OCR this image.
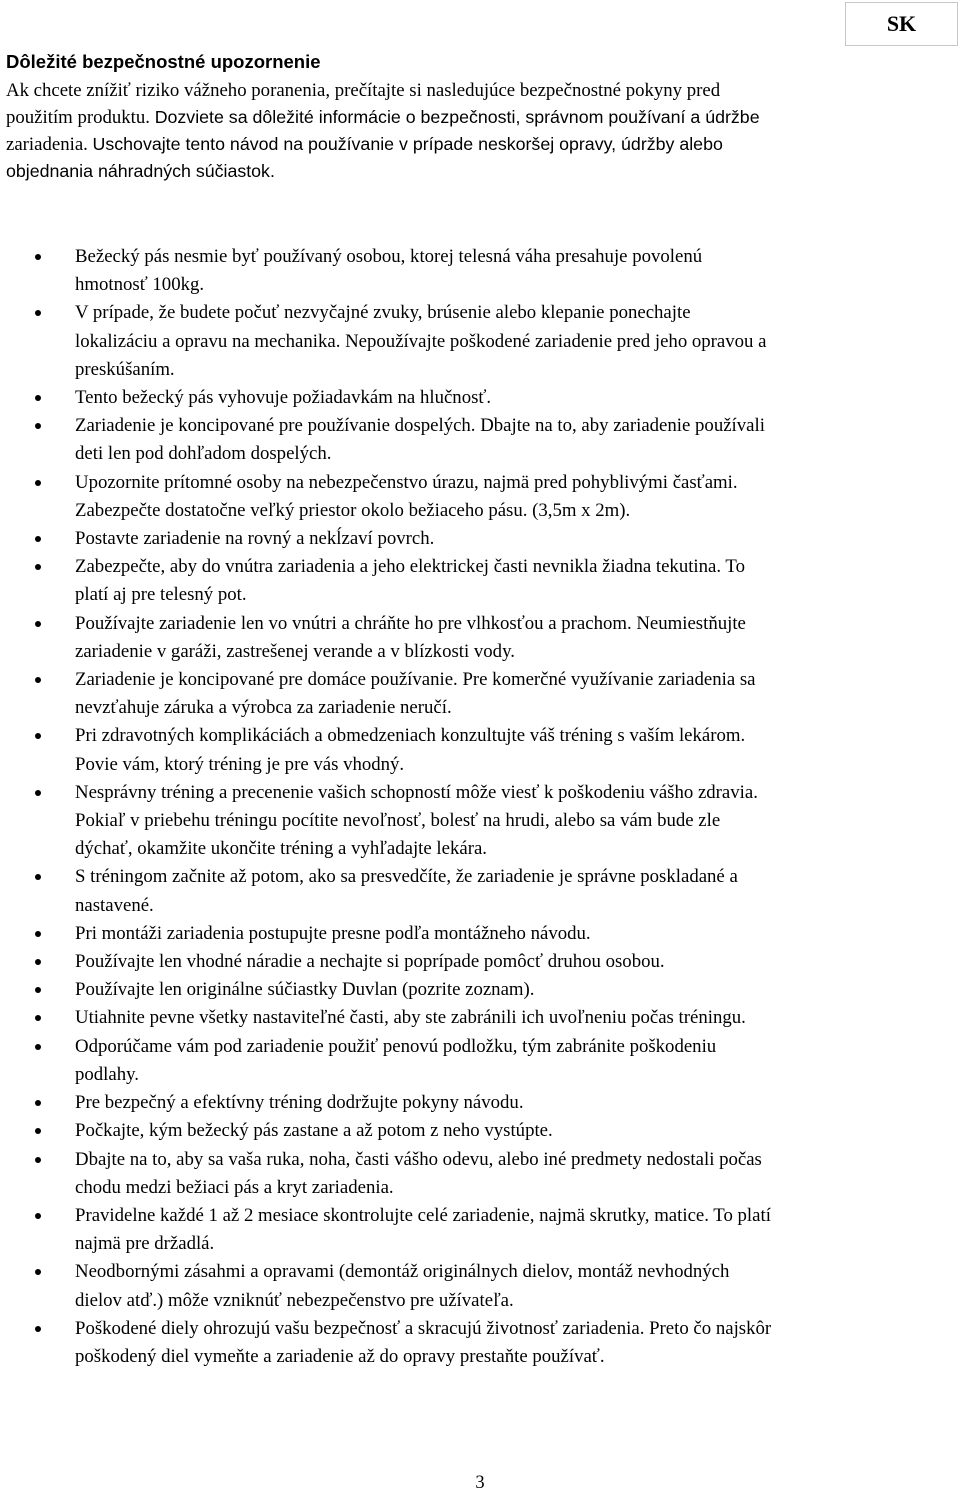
SK
Dôležité bezpečnostné upozornenie
Ak chcete znížiť riziko vážneho poranenia, prečítajte si nasledujúce bezpečnostné pokyny pred
použitím produktu. Dozviete sa dôležité informácie o bezpečnosti, správnom používaní a údržbe
zariadenia. Uschovajte tento návod na používanie v prípade neskoršej opravy, údržby alebo
objednania náhradných súčiastok.
Bežecký pás nesmie byť používaný osobou, ktorej telesná váha presahuje povolenú
hmotnosť 100kg.
V prípade, že budete počuť nezvyčajné zvuky, brúsenie alebo klepanie ponechajte
lokalizáciu a opravu na mechanika. Nepoužívajte poškodené zariadenie pred jeho opravou a
preskúšaním.
Tento bežecký pás vyhovuje požiadavkám na hlučnosť.
Zariadenie je koncipované pre používanie dospelých. Dbajte na to, aby zariadenie používali
deti len pod dohľadom dospelých.
Upozornite prítomné osoby na nebezpečenstvo úrazu, najmä pred pohyblivými časťami.
Zabezpečte dostatočne veľký priestor okolo bežiaceho pásu. (3,5m x 2m).
Postavte zariadenie na rovný a nekĺzaví povrch.
Zabezpečte, aby do vnútra zariadenia a jeho elektrickej časti nevnikla žiadna tekutina. To
platí aj pre telesný pot.
Používajte zariadenie len vo vnútri a chráňte ho pre vlhkosťou a prachom. Neumiestňujte
zariadenie v garáži, zastrešenej verande a v blízkosti vody.
Zariadenie je koncipované pre domáce používanie. Pre komerčné využívanie zariadenia sa
nevzťahuje záruka a výrobca za zariadenie neručí.
Pri zdravotných komplikáciách a obmedzeniach konzultujte váš tréning s vaším lekárom.
Povie vám, ktorý tréning je pre vás vhodný.
Nesprávny tréning a precenenie vašich schopností môže viesť k poškodeniu vášho zdravia.
Pokiaľ v priebehu tréningu pocítite nevoľnosť, bolesť na hrudi, alebo sa vám bude zle
dýchať, okamžite ukončite tréning a vyhľadajte lekára.
S tréningom začnite až potom, ako sa presvedčíte, že zariadenie je správne poskladané a
nastavené.
Pri montáži zariadenia postupujte presne podľa montážneho návodu.
Používajte len vhodné náradie a nechajte si poprípade pomôcť druhou osobou.
Používajte len originálne súčiastky Duvlan (pozrite zoznam).
Utiahnite pevne všetky nastaviteľné časti, aby ste zabránili ich uvoľneniu počas tréningu.
Odporúčame vám pod zariadenie použiť penovú podložku, tým zabránite poškodeniu
podlahy.
Pre bezpečný a efektívny tréning dodržujte pokyny návodu.
Počkajte, kým bežecký pás zastane a až potom z neho vystúpte.
Dbajte na to, aby sa vaša ruka, noha, časti vášho odevu, alebo iné predmety nedostali počas
chodu medzi bežiaci pás a kryt zariadenia.
Pravidelne každé 1 až 2 mesiace skontrolujte celé zariadenie, najmä skrutky, matice. To platí
najmä pre držadlá.
Neodbornými zásahmi a opravami (demontáž originálnych dielov, montáž nevhodných
dielov atď.) môže vzniknúť nebezpečenstvo pre užívateľa.
Poškodené diely ohrozujú vašu bezpečnosť a skracujú životnosť zariadenia. Preto čo najskôr
poškodený diel vymeňte a zariadenie až do opravy prestaňte používať.
3
